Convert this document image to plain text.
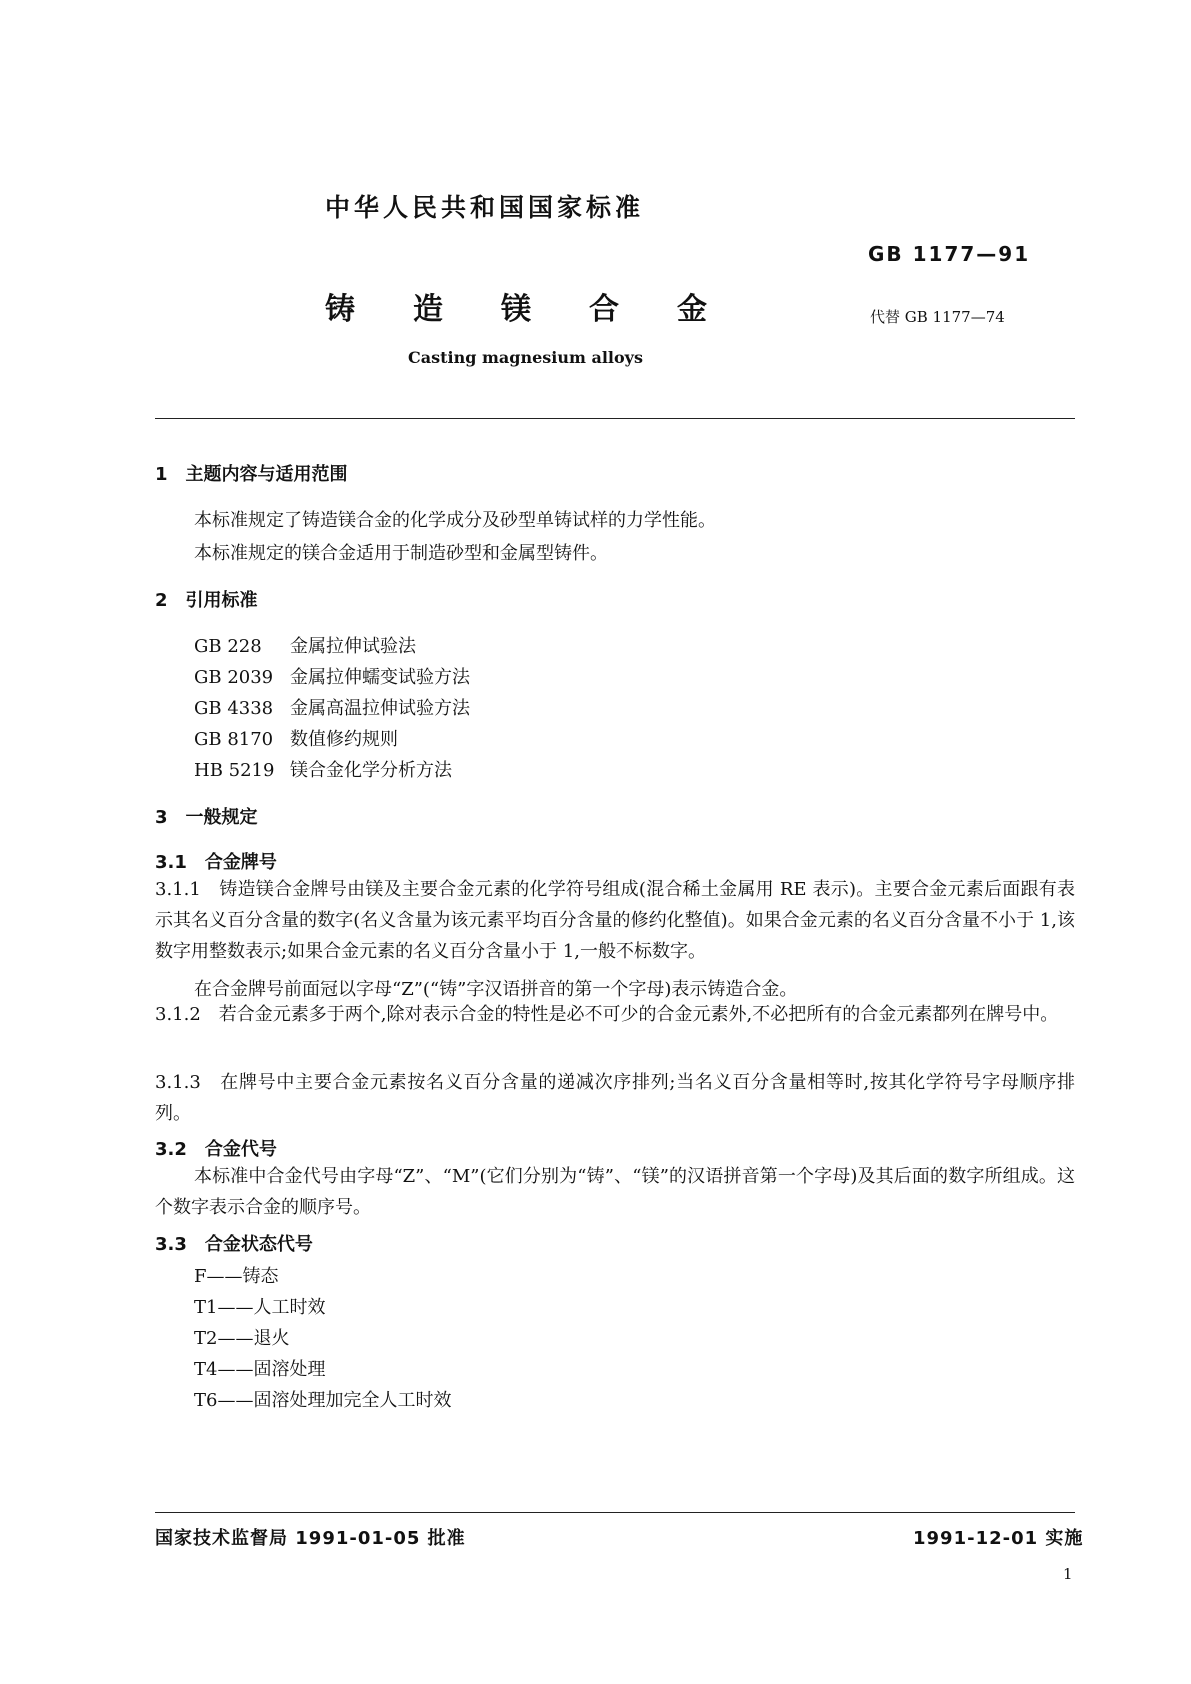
中华人民共和国国家标准
GB 1177—91
铸 造 镁 合 金	代替 GB 1177—74
Casting magnesium alloys
1　主题内容与适用范围
本标准规定了铸造镁合金的化学成分及砂型单铸试样的力学性能。
本标准规定的镁合金适用于制造砂型和金属型铸件。
2　引用标准
GB 228 金属拉伸试验法
GB 2039 金属拉伸蠕变试验方法
GB 4338 金属高温拉伸试验方法
GB 8170 数值修约规则
HB 5219 镁合金化学分析方法
3　一般规定
3.1　合金牌号
3.1.1　铸造镁合金牌号由镁及主要合金元素的化学符号组成(混合稀土金属用 RE 表示)。主要合金元素后面跟有表示其名义百分含量的数字(名义含量为该元素平均百分含量的修约化整值)。如果合金元素的名义百分含量不小于 1,该数字用整数表示;如果合金元素的名义百分含量小于 1,一般不标数字。
在合金牌号前面冠以字母“Z”(“铸”字汉语拼音的第一个字母)表示铸造合金。
3.1.2　若合金元素多于两个,除对表示合金的特性是必不可少的合金元素外,不必把所有的合金元素都列在牌号中。
3.1.3　在牌号中主要合金元素按名义百分含量的递减次序排列;当名义百分含量相等时,按其化学符号字母顺序排列。
3.2　合金代号
本标准中合金代号由字母“Z”、“M”(它们分别为“铸”、“镁”的汉语拼音第一个字母)及其后面的数字所组成。这个数字表示合金的顺序号。
3.3　合金状态代号
F——铸态
T1——人工时效
T2——退火
T4——固溶处理
T6——固溶处理加完全人工时效
国家技术监督局 1991-01-05 批准	1991-12-01 实施
1
